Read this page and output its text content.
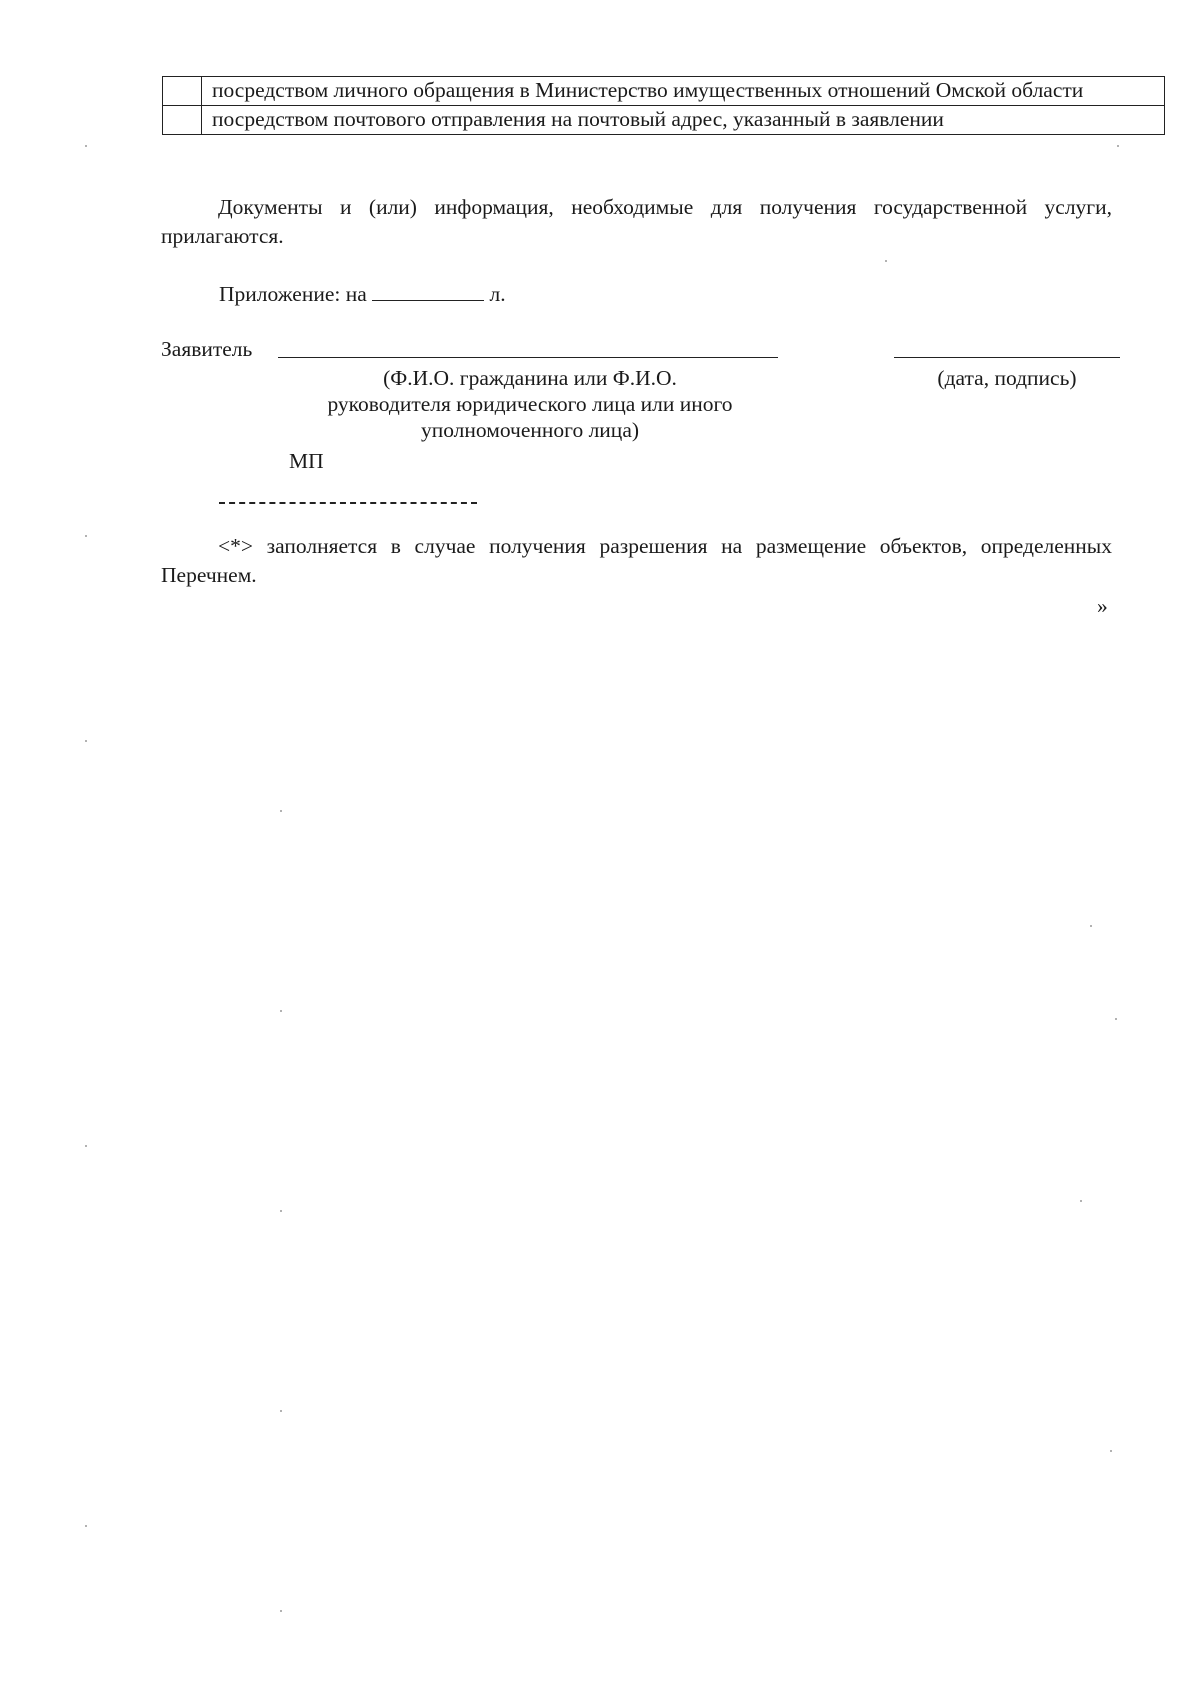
	посредством личного обращения в Министерство имущественных отношений Омской области
	посредством почтового отправления на почтовый адрес, указанный в заявлении

Документы и (или) информация, необходимые для получения государственной услуги, прилагаются.

Приложение: на	л.
Заявитель
(Ф.И.О. гражданина или Ф.И.О.
руководителя юридического лица или иного
уполномоченного лица)
(дата, подпись)
МП

<*> заполняется в случае получения разрешения на размещение объектов, определенных Перечнем.

»
